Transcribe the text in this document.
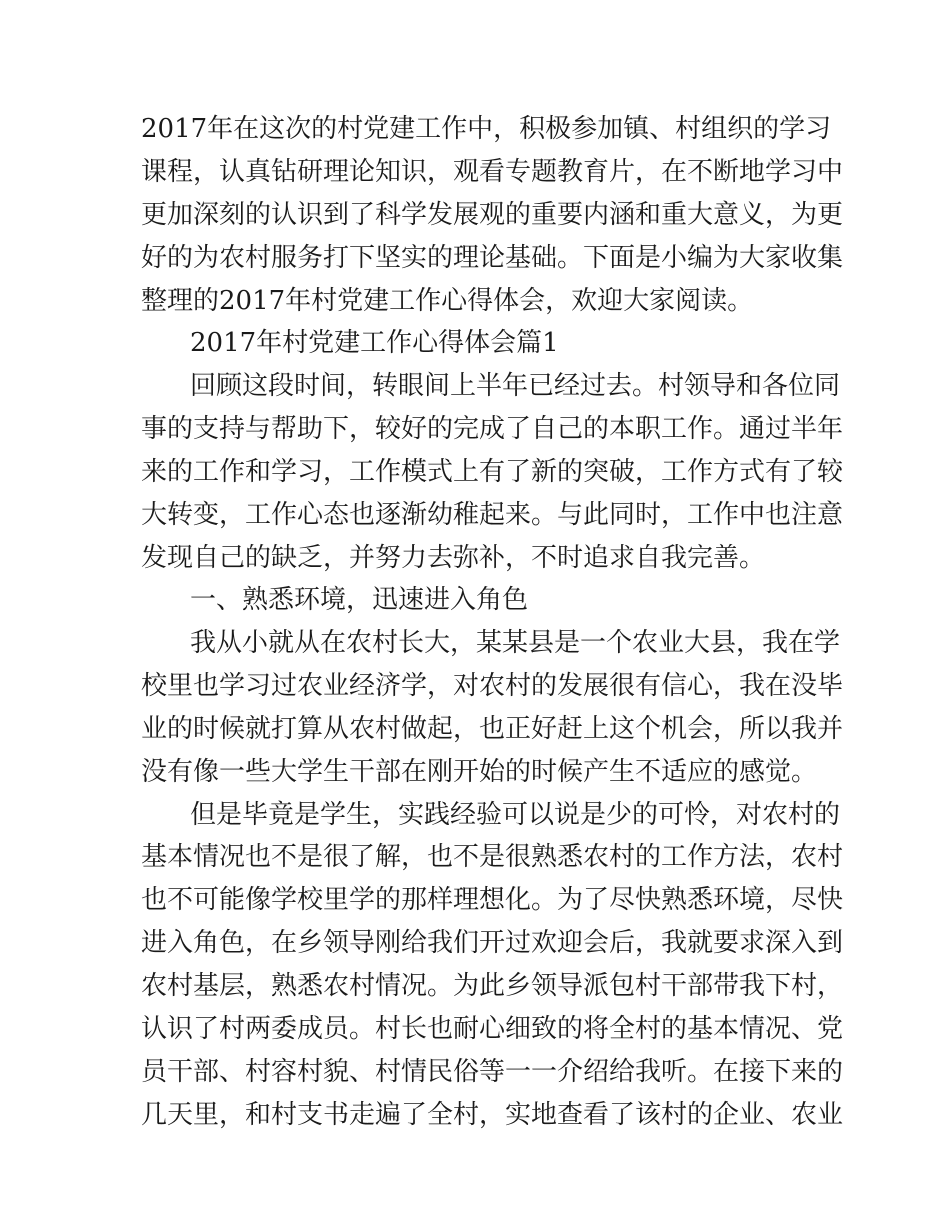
2017年在这次的村党建工作中，积极参加镇、村组织的学习
课程，认真钻研理论知识，观看专题教育片，在不断地学习中
更加深刻的认识到了科学发展观的重要内涵和重大意义，为更
好的为农村服务打下坚实的理论基础。下面是小编为大家收集
整理的2017年村党建工作心得体会，欢迎大家阅读。
2017年村党建工作心得体会篇1
回顾这段时间，转眼间上半年已经过去。村领导和各位同
事的支持与帮助下，较好的完成了自己的本职工作。通过半年
来的工作和学习，工作模式上有了新的突破，工作方式有了较
大转变，工作心态也逐渐幼稚起来。与此同时，工作中也注意
发现自己的缺乏，并努力去弥补，不时追求自我完善。
一、熟悉环境，迅速进入角色
我从小就从在农村长大，某某县是一个农业大县，我在学
校里也学习过农业经济学，对农村的发展很有信心，我在没毕
业的时候就打算从农村做起，也正好赶上这个机会，所以我并
没有像一些大学生干部在刚开始的时候产生不适应的感觉。
但是毕竟是学生，实践经验可以说是少的可怜，对农村的
基本情况也不是很了解，也不是很熟悉农村的工作方法，农村
也不可能像学校里学的那样理想化。为了尽快熟悉环境，尽快
进入角色，在乡领导刚给我们开过欢迎会后，我就要求深入到
农村基层，熟悉农村情况。为此乡领导派包村干部带我下村，
认识了村两委成员。村长也耐心细致的将全村的基本情况、党
员干部、村容村貌、村情民俗等一一介绍给我听。在接下来的
几天里，和村支书走遍了全村，实地查看了该村的企业、农业
